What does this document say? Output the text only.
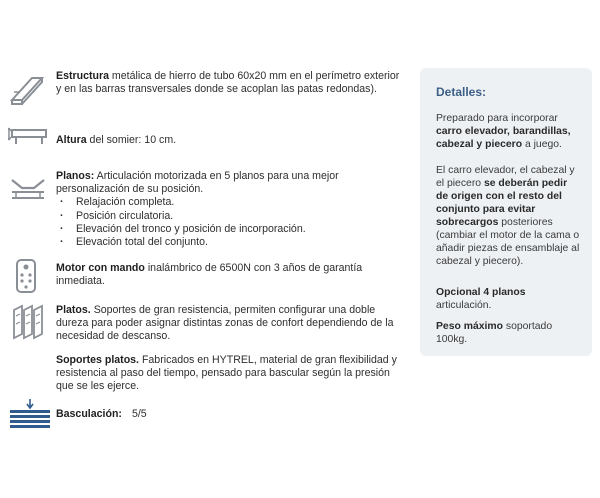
Estructura metálica de hierro de tubo 60x20 mm en el perímetro exterior y en las barras transversales donde se acoplan las patas redondas).
Altura del somier: 10 cm.
Planos: Articulación motorizada en 5 planos para una mejor personalización de su posición.
· Relajación completa.
· Posición circulatoria.
· Elevación del tronco y posición de incorporación.
· Elevación total del conjunto.
Motor con mando inalámbrico de 6500N con 3 años de garantía inmediata.
Platos. Soportes de gran resistencia, permiten configurar una doble dureza para poder asignar distintas zonas de confort dependiendo de la necesidad de descanso.
Soportes platos. Fabricados en HYTREL, material de gran flexibilidad y resistencia al paso del tiempo, pensado para bascular según la presión que se les ejerce.
Basculación: 5/5
Detalles:
Preparado para incorporar carro elevador, barandillas, cabezal y piecero a juego.
El carro elevador, el cabezal y el piecero se deberán pedir de origen con el resto del conjunto para evitar sobrecargos posteriores (cambiar el motor de la cama o añadir piezas de ensamblaje al cabezal y piecero).
Opcional 4 planos articulación.
Peso máximo soportado 100kg.
